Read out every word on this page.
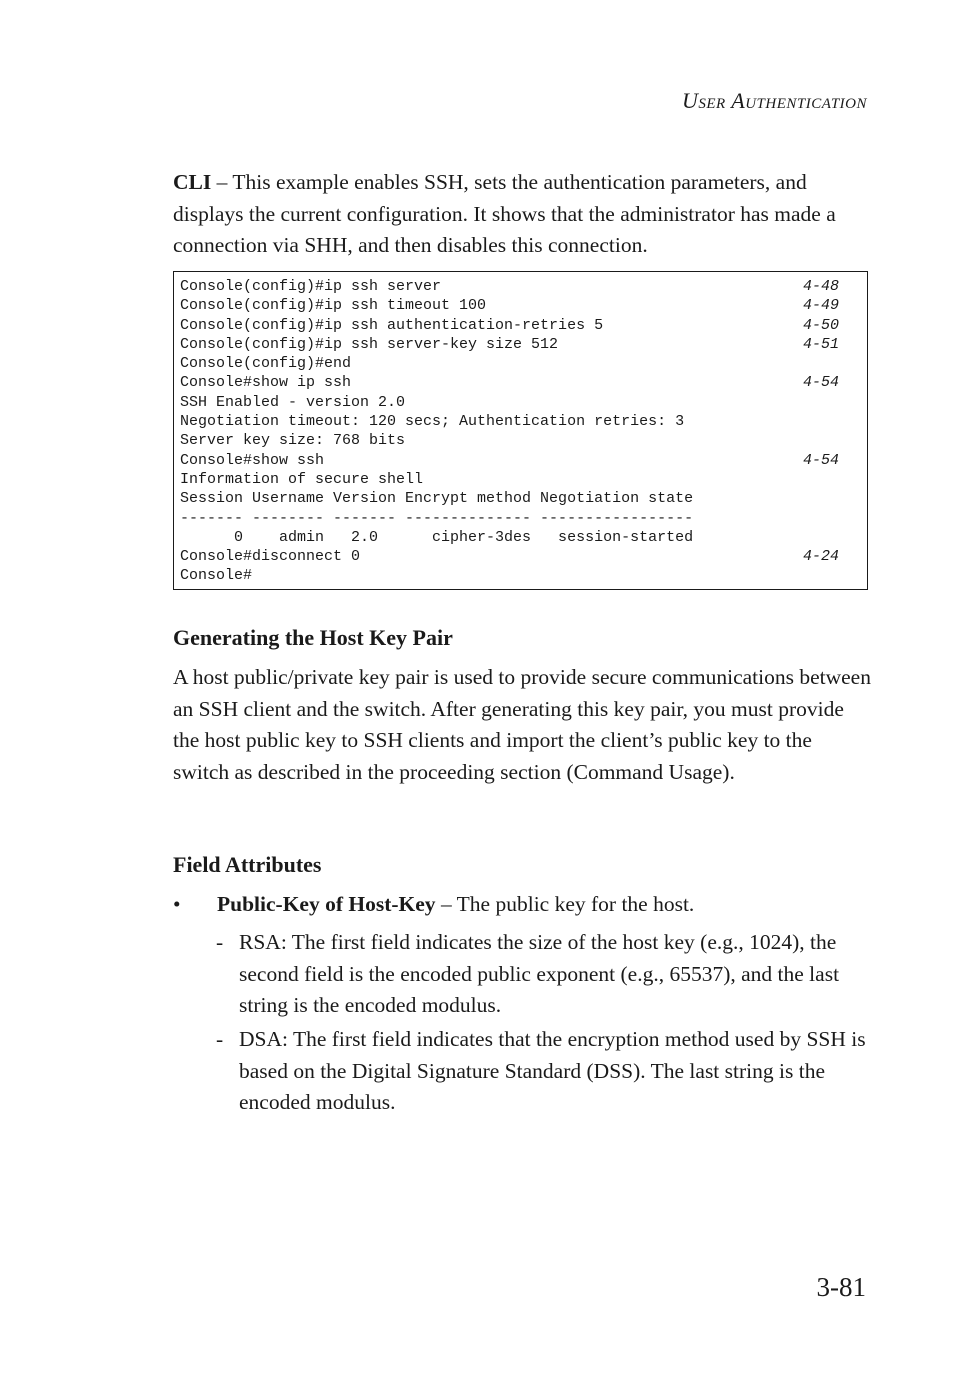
User Authentication
CLI – This example enables SSH, sets the authentication parameters, and displays the current configuration. It shows that the administrator has made a connection via SHH, and then disables this connection.
Console(config)#ip ssh server	4-48
Console(config)#ip ssh timeout 100	4-49
Console(config)#ip ssh authentication-retries 5	4-50
Console(config)#ip ssh server-key size 512	4-51
Console(config)#end
Console#show ip ssh	4-54
SSH Enabled - version 2.0
Negotiation timeout: 120 secs; Authentication retries: 3
Server key size: 768 bits
Console#show ssh	4-54
Information of secure shell
Session Username Version Encrypt method Negotiation state
------- -------- ------- -------------- -----------------
0    admin   2.0      cipher-3des   session-started
Console#disconnect 0	4-24
Console#
Generating the Host Key Pair
A host public/private key pair is used to provide secure communications between an SSH client and the switch. After generating this key pair, you must provide the host public key to SSH clients and import the client’s public key to the switch as described in the proceeding section (Command Usage).
Field Attributes
• Public-Key of Host-Key – The public key for the host.
- RSA: The first field indicates the size of the host key (e.g., 1024), the second field is the encoded public exponent (e.g., 65537), and the last string is the encoded modulus.
- DSA: The first field indicates that the encryption method used by SSH is based on the Digital Signature Standard (DSS). The last string is the encoded modulus.
3-81
